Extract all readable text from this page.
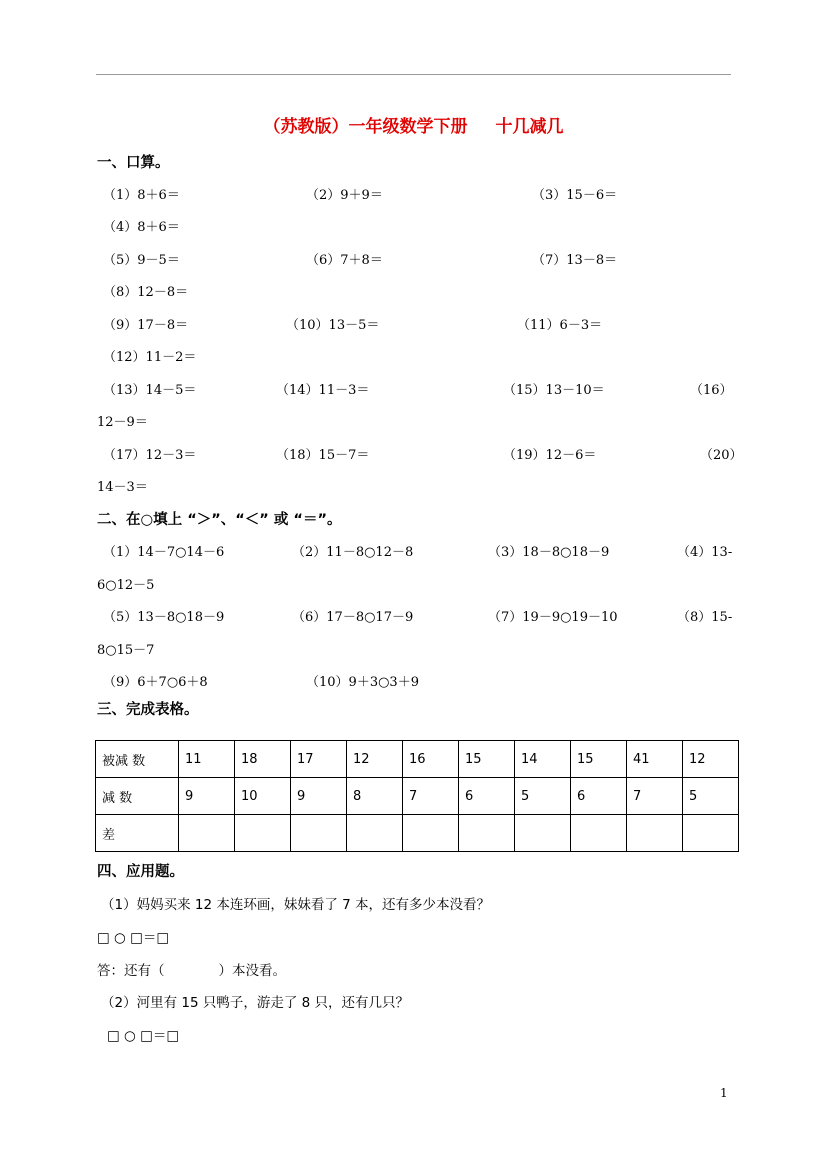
（苏教版）一年级数学下册 十几减几
一、口算。
（1）8＋6＝	（2）9＋9＝	（3）15－6＝
（4）8＋6＝
（5）9－5＝	（6）7＋8＝	（7）13－8＝
（8）12－8＝
（9）17－8＝	（10）13－5＝	（11）6－3＝
（12）11－2＝
（13）14－5＝	（14）11－3＝	（15）13－10＝	（16）
12－9＝
（17）12－3＝	（18）15－7＝	（19）12－6＝	（20）
14－3＝
二、在○填上 “＞”、“＜” 或 “＝”。
（1）14－7○14－6	（2）11－8○12－8	（3）18－8○18－9	（4）13-
6○12－5
（5）13－8○18－9	（6）17－8○17－9	（7）19－9○19－10	（8）15-
8○15－7
（9）6＋7○6＋8	（10）9＋3○3＋9
三、完成表格。
被减 数	11	18	17	12	16	15	14	15	41	12
减 数	9	10	9	8	7	6	5	6	7	5
差										
四、应用题。
（1）妈妈买来 12 本连环画，妹妹看了 7 本，还有多少本没看？
□ ○ □＝□
答：还有（　　　　）本没看。
（2）河里有 15 只鸭子，游走了 8 只，还有几只？
□ ○ □＝□
1
